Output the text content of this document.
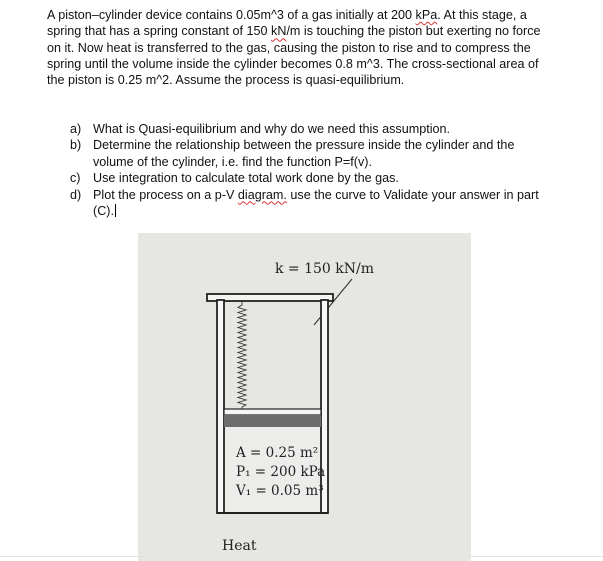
A piston–cylinder device contains 0.05m^3 of a gas initially at 200 kPa. At this stage, a spring that has a spring constant of 150 kN/m is touching the piston but exerting no force on it. Now heat is transferred to the gas, causing the piston to rise and to compress the spring until the volume inside the cylinder becomes 0.8 m^3. The cross-sectional area of the piston is 0.25 m^2. Assume the process is quasi-equilibrium.

a) What is Quasi-equilibrium and why do we need this assumption.
b) Determine the relationship between the pressure inside the cylinder and the volume of the cylinder, i.e. find the function P=f(v).
c) Use integration to calculate total work done by the gas.
d) Plot the process on a p-V diagram. use the curve to Validate your answer in part (C).
k = 150 kN/m
A = 0.25 m²
P₁ = 200 kPa
V₁ = 0.05 m³
Heat
